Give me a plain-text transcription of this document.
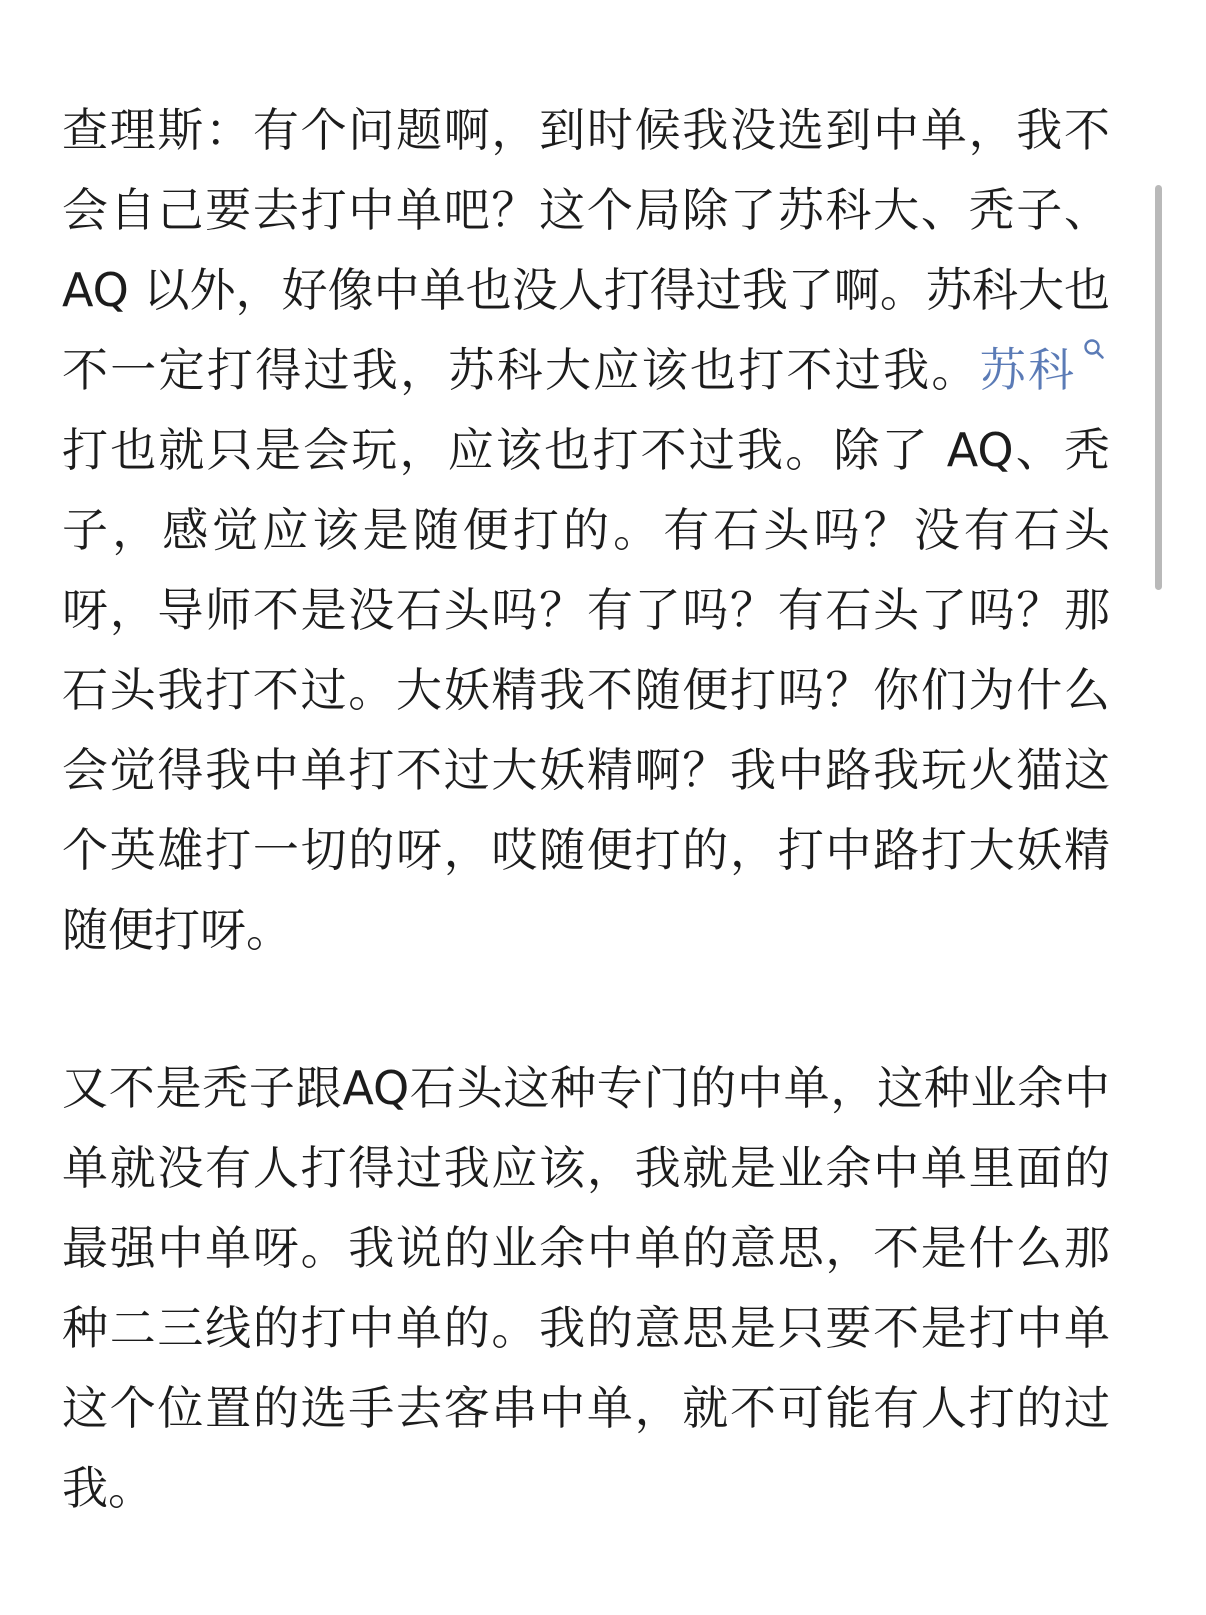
查理斯：有个问题啊，到时候我没选到中单，我不
会自己要去打中单吧？这个局除了苏科大、秃子、
AQ 以外，好像中单也没人打得过我了啊。苏科大也
不一定打得过我，苏科大应该也打不过我。苏科
打也就只是会玩，应该也打不过我。除了 AQ、秃
子，感觉应该是随便打的。有石头吗？没有石头
呀，导师不是没石头吗？有了吗？有石头了吗？那
石头我打不过。大妖精我不随便打吗？你们为什么
会觉得我中单打不过大妖精啊？我中路我玩火猫这
个英雄打一切的呀，哎随便打的，打中路打大妖精
随便打呀。

又不是秃子跟AQ石头这种专门的中单，这种业余中
单就没有人打得过我应该，我就是业余中单里面的
最强中单呀。我说的业余中单的意思，不是什么那
种二三线的打中单的。我的意思是只要不是打中单
这个位置的选手去客串中单，就不可能有人打的过
我。
